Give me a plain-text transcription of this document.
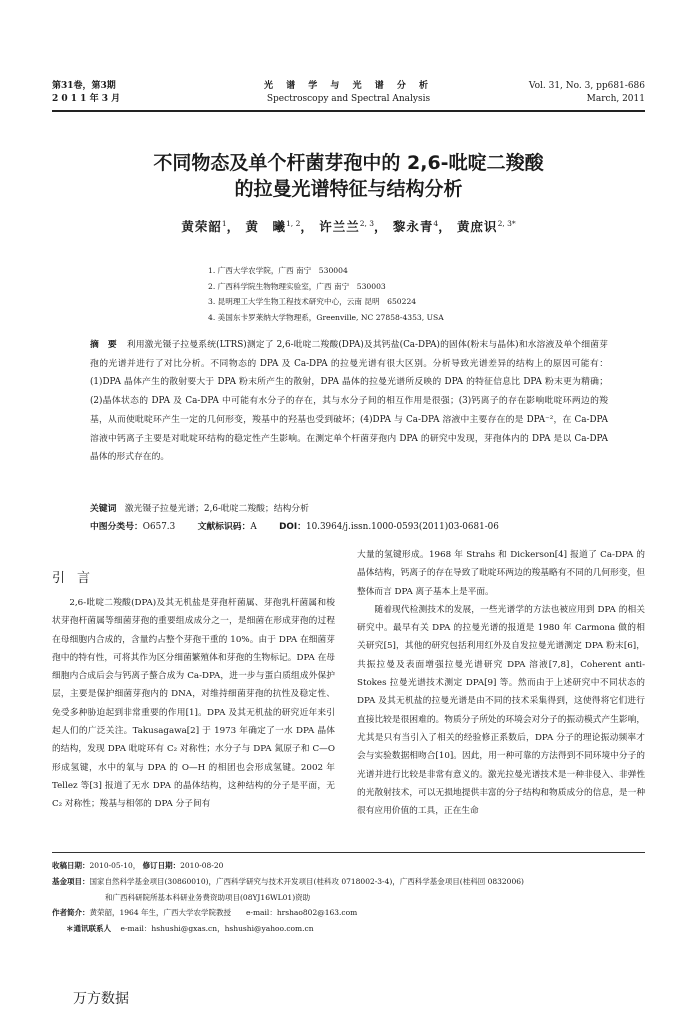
第31卷，第3期
2 0 1 1 年 3 月
光 谱 学 与 光 谱 分 析
Spectroscopy and Spectral Analysis
Vol. 31, No. 3, pp681-686
March, 2011
不同物态及单个杆菌芽孢中的 2,6-吡啶二羧酸
的拉曼光谱特征与结构分析
黄荣韶$^1$， 黄　曦$^{1, 2}$， 许兰兰$^{2, 3}$， 黎永青$^4$， 黄庶识$^{2, 3*}$
1. 广西大学农学院，广西 南宁　530004
2. 广西科学院生物物理实验室，广西 南宁　530003
3. 昆明理工大学生物工程技术研究中心，云南 昆明　650224
4. 美国东卡罗莱纳大学物理系，Greenville, NC 27858-4353, USA
摘　要 利用激光镊子拉曼系统(LTRS)测定了 2,6-吡啶二羧酸(DPA)及其钙盐(Ca-DPA)的固体(粉末与晶体)和水溶液及单个细菌芽孢的光谱并进行了对比分析。不同物态的 DPA 及 Ca-DPA 的拉曼光谱有很大区别。分析导致光谱差异的结构上的原因可能有：(1)DPA 晶体产生的散射要大于 DPA 粉末所产生的散射，DPA 晶体的拉曼光谱所反映的 DPA 的特征信息比 DPA 粉末更为精确；(2)晶体状态的 DPA 及 Ca-DPA 中可能有水分子的存在，其与水分子间的相互作用是很强；(3)钙离子的存在影响吡啶环两边的羧基，从而使吡啶环产生一定的几何形变，羧基中的羟基也受到破坏；(4)DPA 与 Ca-DPA 溶液中主要存在的是 DPA⁻²，在 Ca-DPA 溶液中钙离子主要是对吡啶环结构的稳定性产生影响。在测定单个杆菌芽孢内 DPA 的研究中发现，芽孢体内的 DPA 是以 Ca-DPA 晶体的形式存在的。
关键词 激光镊子拉曼光谱；2,6-吡啶二羧酸；结构分析
中图分类号：O657.3	文献标识码：A	DOI：10.3964/j.issn.1000-0593(2011)03-0681-06
引言
2,6-吡啶二羧酸(DPA)及其无机盐是芽孢杆菌属、芽孢乳杆菌属和梭状芽孢杆菌属等细菌芽孢的重要组成成分之一，是细菌在形成芽孢的过程在母细胞内合成的，含量约占整个芽孢干重的 10%。由于 DPA 在细菌芽孢中的特有性，可将其作为区分细菌繁殖体和芽孢的生物标记。DPA 在母细胞内合成后会与钙离子螯合成为 Ca-DPA，进一步与蛋白质组成外保护层，主要是保护细菌芽孢内的 DNA，对维持细菌芽孢的抗性及稳定性、免受多种胁迫起到非常重要的作用[1]。DPA 及其无机盐的研究近年来引起人们的广泛关注。Takusagawa[2] 于 1973 年确定了一水 DPA 晶体的结构，发现 DPA 吡啶环有 C₂ 对称性；水分子与 DPA 氮原子和 C—O 形成氢键，水中的氧与 DPA 的 O—H 的相团也会形成氢键。2002 年 Tellez 等[3] 报道了无水 DPA 的晶体结构，这种结构的分子是平面，无 C₂ 对称性；羧基与相邻的 DPA 分子间有
大量的氢键形成。1968 年 Strahs 和 Dickerson[4] 报道了 Ca-DPA 的晶体结构，钙离子的存在导致了吡啶环两边的羧基略有不同的几何形变，但整体而言 DPA 离子基本上是平面。
随着现代检测技术的发展，一些光谱学的方法也被应用到 DPA 的相关研究中。最早有关 DPA 的拉曼光谱的报道是 1980 年 Carmona 做的相关研究[5]，其他的研究包括利用红外及自发拉曼光谱测定 DPA 粉末[6]，共振拉曼及表面增强拉曼光谱研究 DPA 溶液[7,8]，Coherent anti-Stokes 拉曼光谱技术测定 DPA[9] 等。然而由于上述研究中不同状态的 DPA 及其无机盐的拉曼光谱是由不同的技术采集得到，这使得将它们进行直接比较是很困难的。物质分子所处的环境会对分子的振动模式产生影响，尤其是只有当引入了相关的经验修正系数后，DPA 分子的理论振动频率才会与实验数据相吻合[10]。因此，用一种可靠的方法得到不同环境中分子的光谱并进行比较是非常有意义的。激光拉曼光谱技术是一种非侵入、非弹性的光散射技术，可以无损地提供丰富的分子结构和物质成分的信息，是一种很有应用价值的工具，正在生命
收稿日期：2010-05-10， 修订日期：2010-08-20
基金项目：国家自然科学基金项目(30860010)，广西科学研究与技术开发项目(桂科攻 0718002-3-4)，广西科学基金项目(桂科回 0832006)
和广西科研院所基本科研业务费资助项目(08YJ16WL01)资助
作者简介：黄荣韶，1964 年生，广西大学农学院教授　　e-mail：hrshao802@163.com
＊通讯联系人 e-mail：hshushi@gxas.cn，hshushi@yahoo.com.cn
万方数据
